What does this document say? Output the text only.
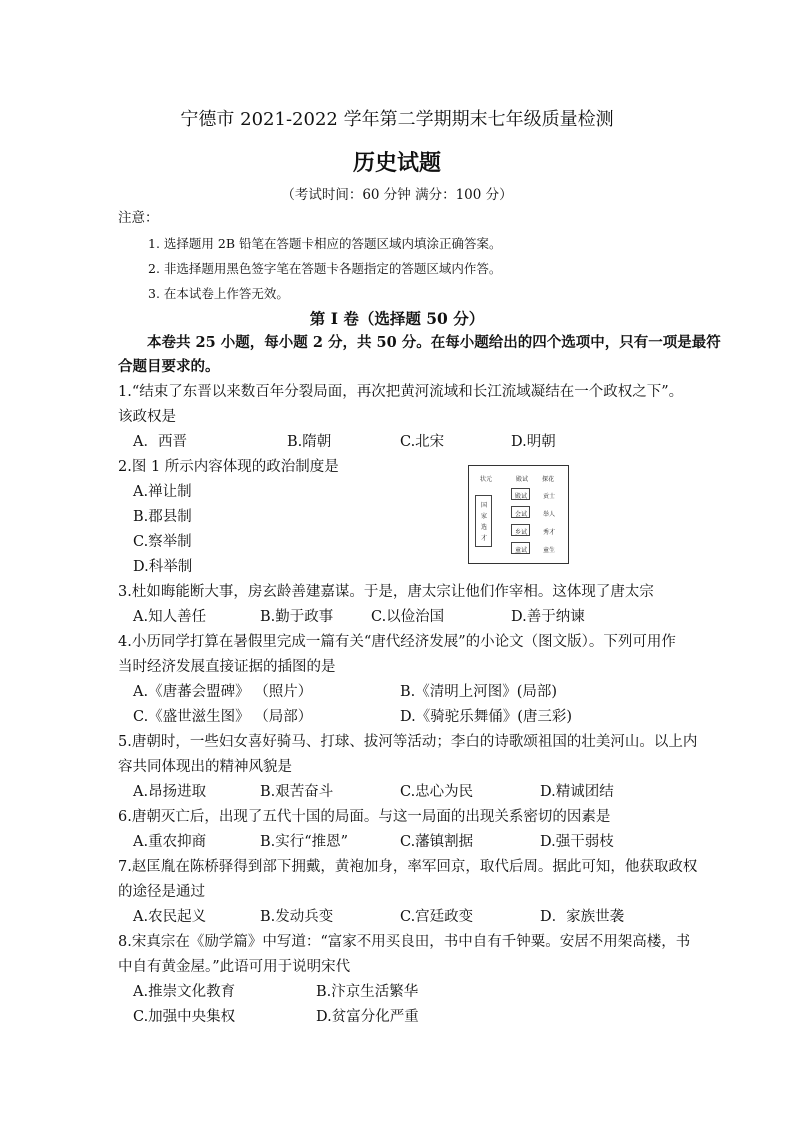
宁德市 2021-2022 学年第二学期期末七年级质量检测
历史试题
（考试时间：60 分钟 满分：100 分）
注意：
1. 选择题用 2B 铅笔在答题卡相应的答题区域内填涂正确答案。
2. 非选择题用黑色签字笔在答题卡各题指定的答题区域内作答。
3. 在本试卷上作答无效。
第 I 卷（选择题 50 分）
本卷共 25 小题，每小题 2 分，共 50 分。在每小题给出的四个选项中，只有一项是最符
合题目要求的。
1.“结束了东晋以来数百年分裂局面，再次把黄河流域和长江流域凝结在一个政权之下”。
该政权是
A．西晋	B.隋朝	C.北宋	D.明朝
2.图 1 所示内容体现的政治制度是
A.禅让制
B.郡县制
C.察举制
D.科举制
状元	殿试 探花
国
家
选
才
殿试
会试
乡试
童试
贡士
举人
秀才
童生
3.杜如晦能断大事，房玄龄善建嘉谋。于是，唐太宗让他们作宰相。这体现了唐太宗
A.知人善任	B.勤于政事	C.以俭治国	D.善于纳谏
4.小历同学打算在暑假里完成一篇有关“唐代经济发展”的小论文（图文版）。下列可用作
当时经济发展直接证据的插图的是
A.《唐蕃会盟碑》 （照片）	B.《清明上河图》(局部)
C.《盛世滋生图》 （局部）	D.《骑驼乐舞俑》(唐三彩)
5.唐朝时，一些妇女喜好骑马、打球、拔河等活动；李白的诗歌颂祖国的壮美河山。以上内
容共同体现出的精神风貌是
A.昂扬进取	B.艰苦奋斗	C.忠心为民	D.精诚团结
6.唐朝灭亡后，出现了五代十国的局面。与这一局面的出现关系密切的因素是
A.重农抑商	B.实行“推恩”	C.藩镇割据	D.强干弱枝
7.赵匡胤在陈桥驿得到部下拥戴，黄袍加身，率军回京，取代后周。据此可知，他获取政权
的途径是通过
A.农民起义	B.发动兵变	C.宫廷政变	D．家族世袭
8.宋真宗在《励学篇》中写道：“富家不用买良田，书中自有千钟粟。安居不用架高楼，书
中自有黄金屋。”此语可用于说明宋代
A.推崇文化教育	B.汴京生活繁华
C.加强中央集权	D.贫富分化严重
